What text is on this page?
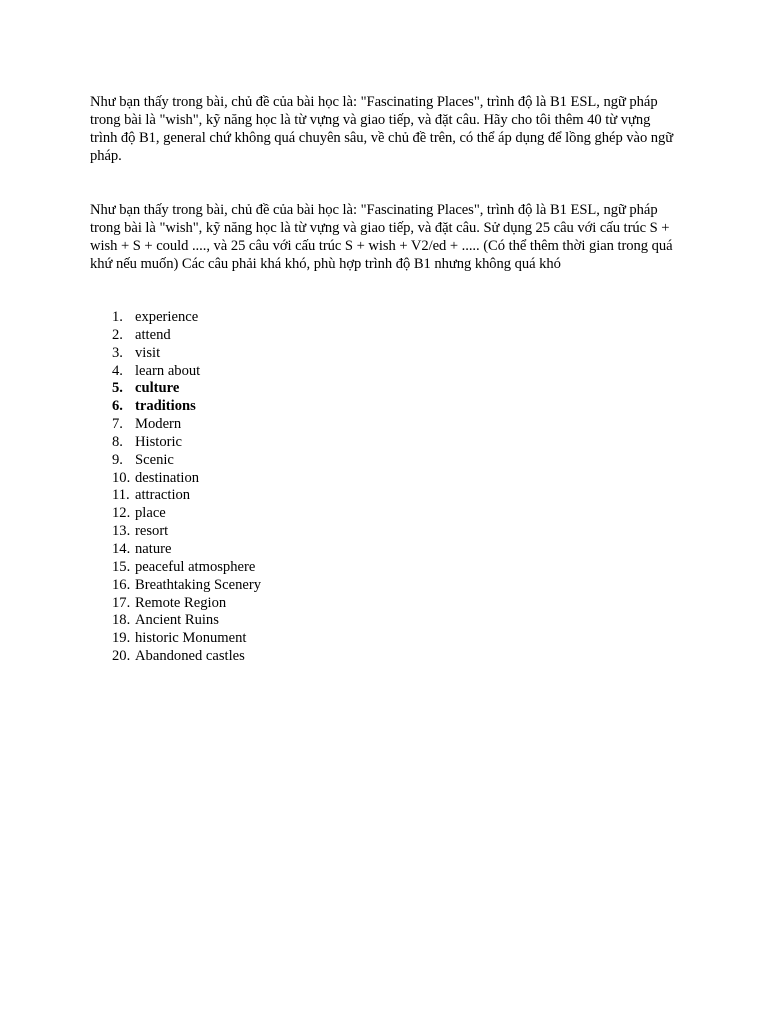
Như bạn thấy trong bài, chủ đề của bài học là: "Fascinating Places", trình độ là B1 ESL, ngữ pháp trong bài là "wish", kỹ năng học là từ vựng và giao tiếp, và đặt câu. Hãy cho tôi thêm 40 từ vựng trình độ B1, general chứ không quá chuyên sâu, về chủ đề trên, có thể áp dụng để lồng ghép vào ngữ pháp.

Như bạn thấy trong bài, chủ đề của bài học là: "Fascinating Places", trình độ là B1 ESL, ngữ pháp trong bài là "wish", kỹ năng học là từ vựng và giao tiếp, và đặt câu. Sử dụng 25 câu với cấu trúc S + wish + S + could ...., và 25 câu với cấu trúc S + wish + V2/ed + ..... (Có thể thêm thời gian trong quá khứ nếu muốn) Các câu phải khá khó, phù hợp trình độ B1 nhưng không quá khó

1. experience
2. attend
3. visit
4. learn about
5. culture
6. traditions
7. Modern
8. Historic
9. Scenic
10. destination
11. attraction
12. place
13. resort
14. nature
15. peaceful atmosphere
16. Breathtaking Scenery
17. Remote Region
18. Ancient Ruins
19. historic Monument
20. Abandoned castles
